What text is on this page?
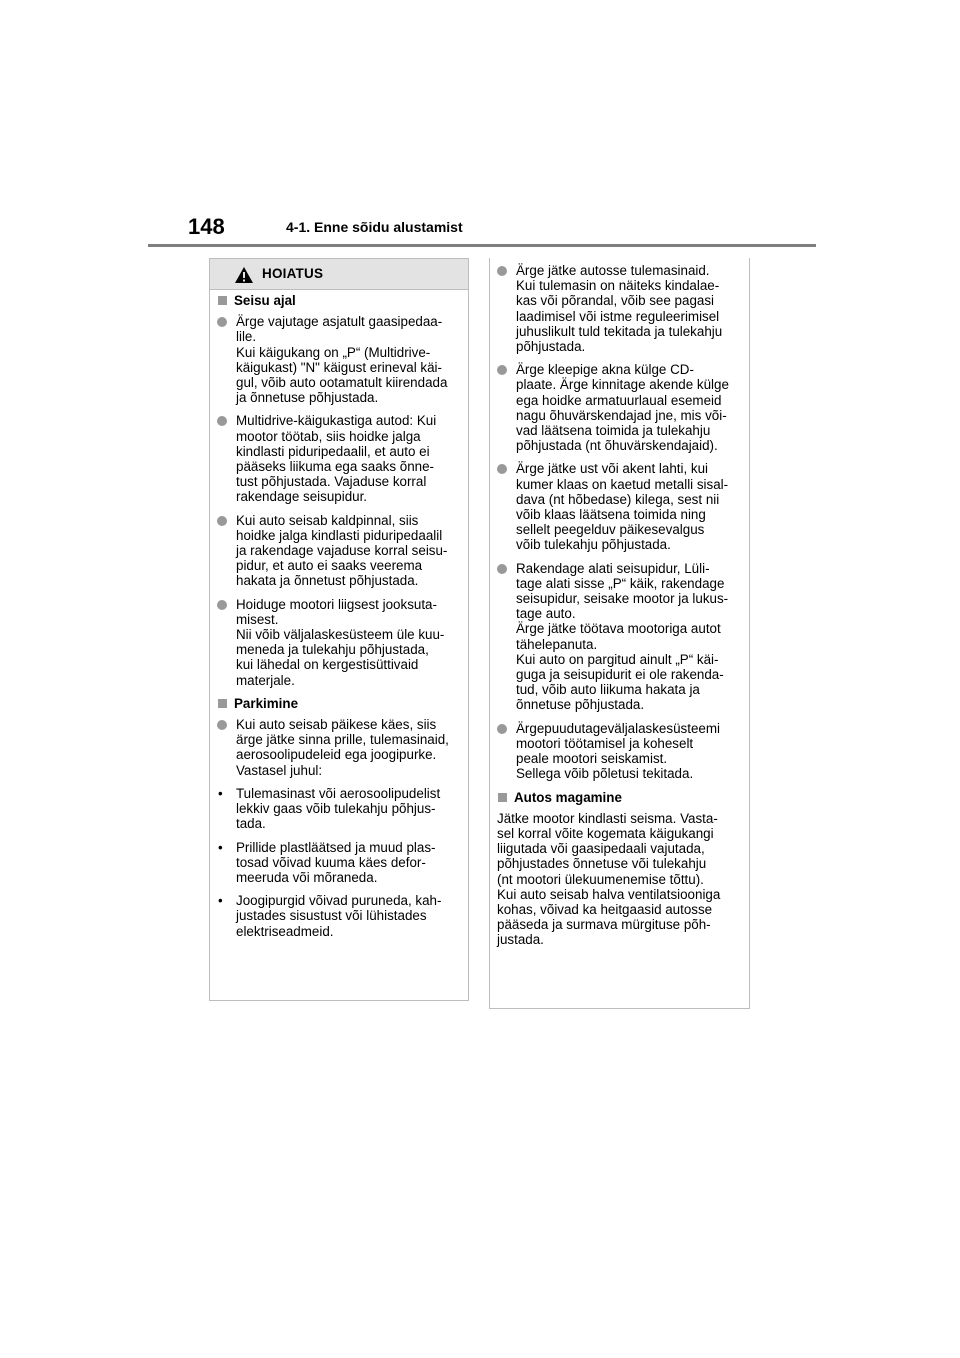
148	4-1. Enne sõidu alustamist
HOIATUS
Seisu ajal

Ärge vajutage asjatult gaasipedaa-
lile.
Kui käigukang on „P“ (Multidrive-
käigukast) "N" käigust erineval käi-
gul, võib auto ootamatult kiirendada
ja õnnetuse põhjustada.

Multidrive-käigukastiga autod: Kui
mootor töötab, siis hoidke jalga
kindlasti piduripedaalil, et auto ei
pääseks liikuma ega saaks õnne-
tust põhjustada. Vajaduse korral
rakendage seisupidur.

Kui auto seisab kaldpinnal, siis
hoidke jalga kindlasti piduripedaalil
ja rakendage vajaduse korral seisu-
pidur, et auto ei saaks veerema
hakata ja õnnetust põhjustada.

Hoiduge mootori liigsest jooksuta-
misest.
Nii võib väljalaskesüsteem üle kuu-
meneda ja tulekahju põhjustada,
kui lähedal on kergestisüttivaid
materjale.

Parkimine

Kui auto seisab päikese käes, siis
ärge jätke sinna prille, tulemasinaid,
aerosoolipudeleid ega joogipurke.
Vastasel juhul:

• Tulemasinast või aerosoolipudelist
lekkiv gaas võib tulekahju põhjus-
tada.

• Prillide plastläätsed ja muud plas-
tosad võivad kuuma käes defor-
meeruda või mõraneda.

• Joogipurgid võivad puruneda, kah-
justades sisustust või lühistades
elektriseadmeid.

Ärge jätke autosse tulemasinaid.
Kui tulemasin on näiteks kindalae-
kas või põrandal, võib see pagasi
laadimisel või istme reguleerimisel
juhuslikult tuld tekitada ja tulekahju
põhjustada.

Ärge kleepige akna külge CD-
plaate. Ärge kinnitage akende külge
ega hoidke armatuurlaual esemeid
nagu õhuvärskendajad jne, mis või-
vad läätsena toimida ja tulekahju
põhjustada (nt õhuvärskendajaid).

Ärge jätke ust või akent lahti, kui
kumer klaas on kaetud metalli sisal-
dava (nt hõbedase) kilega, sest nii
võib klaas läätsena toimida ning
sellelt peegelduv päikesevalgus
võib tulekahju põhjustada.

Rakendage alati seisupidur, Lüli-
tage alati sisse „P“ käik, rakendage
seisupidur, seisake mootor ja lukus-
tage auto.
Ärge jätke töötava mootoriga autot
tähelepanuta.
Kui auto on pargitud ainult „P“ käi-
guga ja seisupidurit ei ole rakenda-
tud, võib auto liikuma hakata ja
õnnetuse põhjustada.

Ärgepuudutageväljalaskesüsteemi
mootori töötamisel ja koheselt
peale mootori seiskamist.
Sellega võib põletusi tekitada.

Autos magamine

Jätke mootor kindlasti seisma. Vasta-
sel korral võite kogemata käigukangi
liigutada või gaasipedaali vajutada,
põhjustades õnnetuse või tulekahju
(nt mootori ülekuumenemise tõttu).
Kui auto seisab halva ventilatsiooniga
kohas, võivad ka heitgaasid autosse
pääseda ja surmava mürgituse põh-
justada.
